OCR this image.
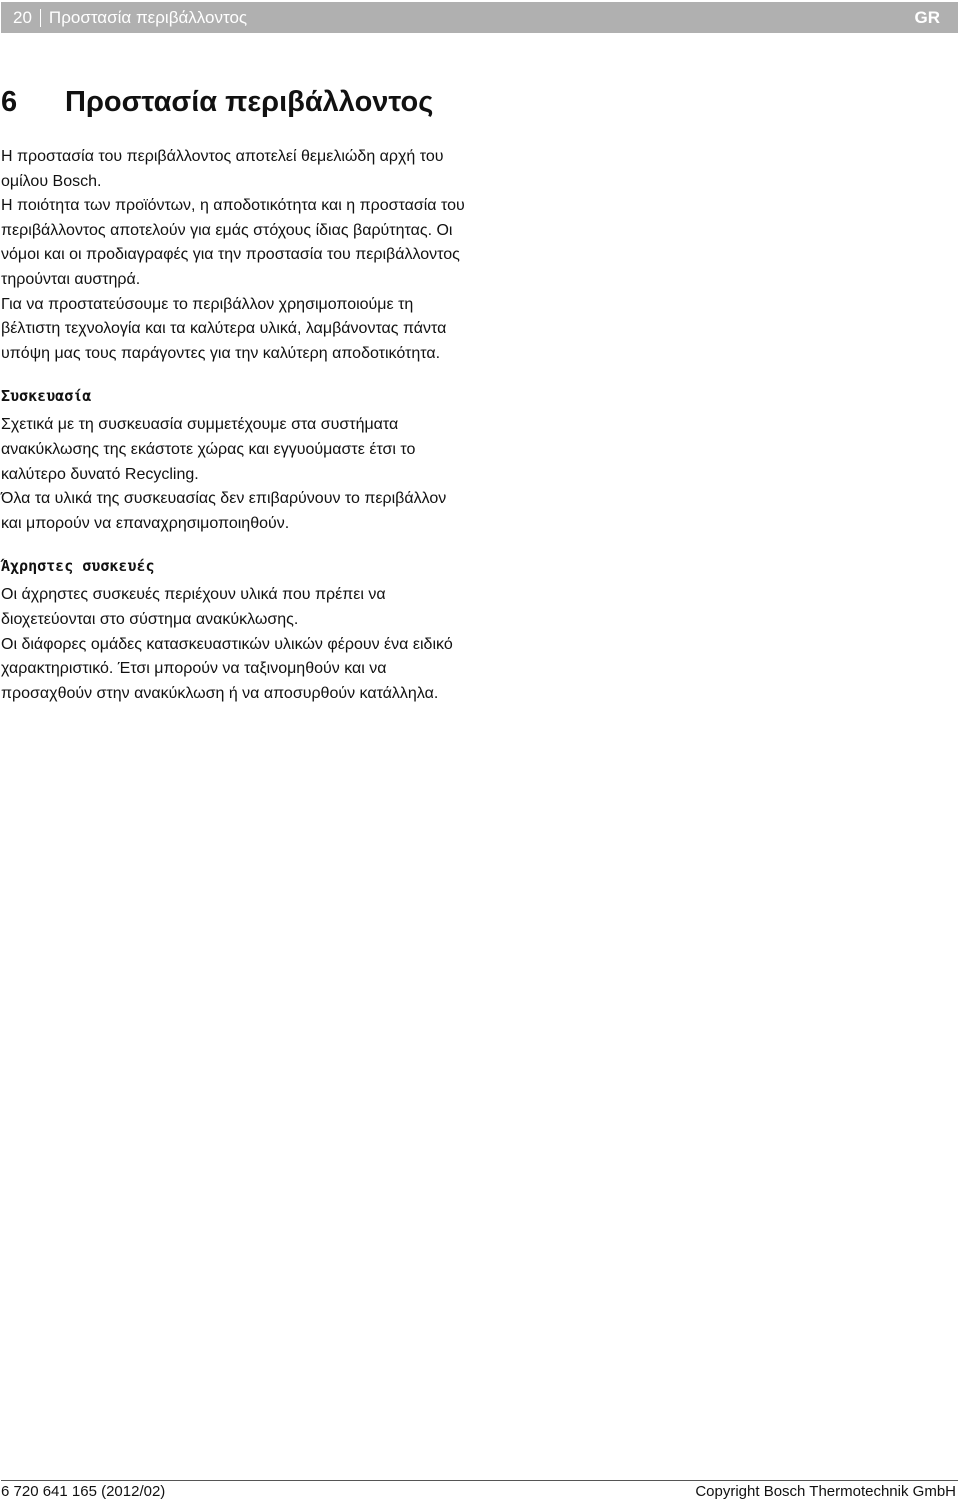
20	Προστασία περιβάλλοντος	GR
6 Προστασία περιβάλλοντος

Η προστασία του περιβάλλοντος αποτελεί θεμελιώδη αρχή του ομίλου Bosch.

Η ποιότητα των προϊόντων, η αποδοτικότητα και η προστασία του περιβάλλοντος αποτελούν για εμάς στόχους ίδιας βαρύτητας. Οι νόμοι και οι προδιαγραφές για την προστασία του περιβάλλοντος τηρούνται αυστηρά.

Για να προστατεύσουμε το περιβάλλον χρησιμοποιούμε τη βέλτιστη τεχνολογία και τα καλύτερα υλικά, λαμβάνοντας πάντα υπόψη μας τους παράγοντες για την καλύτερη αποδοτικότητα.

Συσκευασία

Σχετικά με τη συσκευασία συμμετέχουμε στα συστήματα ανακύκλωσης της εκάστοτε χώρας και εγγυούμαστε έτσι το καλύτερο δυνατό Recycling.

Όλα τα υλικά της συσκευασίας δεν επιβαρύνουν το περιβάλλον και μπορούν να επαναχρησιμοποιηθούν.

Άχρηστες συσκευές

Οι άχρηστες συσκευές περιέχουν υλικά που πρέπει να διοχετεύονται στο σύστημα ανακύκλωσης.

Οι διάφορες ομάδες κατασκευαστικών υλικών φέρουν ένα ειδικό χαρακτηριστικό. Έτσι μπορούν να ταξινομηθούν και να προσαχθούν στην ανακύκλωση ή να αποσυρθούν κατάλληλα.

6 720 641 165 (2012/02)	Copyright Bosch Thermotechnik GmbH
